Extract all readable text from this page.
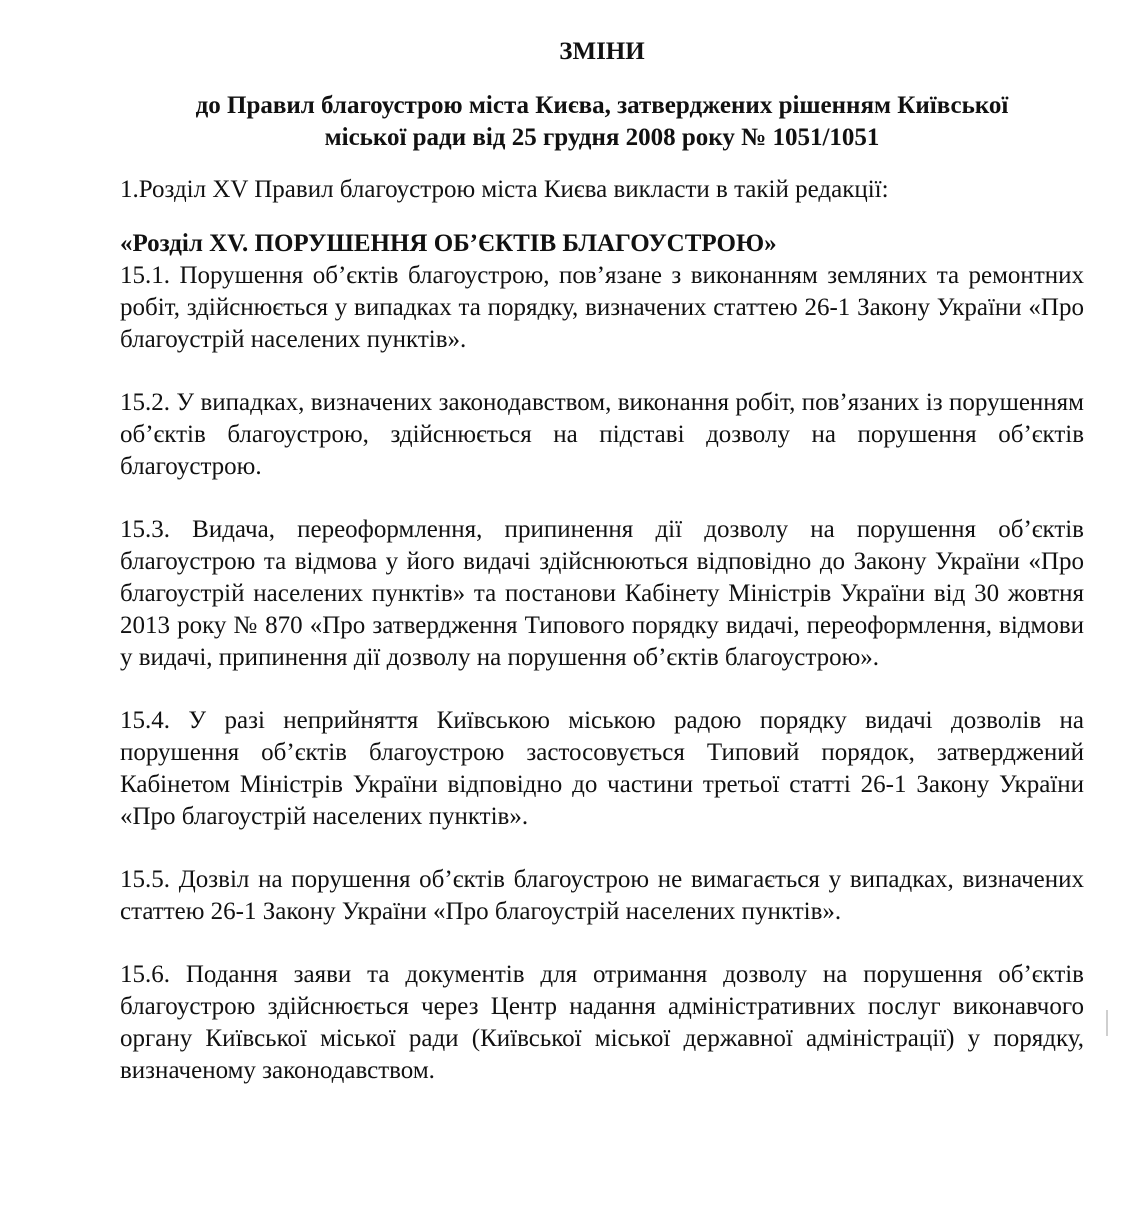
ЗМІНИ
до Правил благоустрою міста Києва, затверджених рішенням Київської
міської ради від 25 грудня 2008 року № 1051/1051
1.Розділ XV Правил благоустрою міста Києва викласти в такій редакції:
«Розділ XV. ПОРУШЕННЯ ОБ’ЄКТІВ БЛАГОУСТРОЮ»
15.1. Порушення об’єктів благоустрою, пов’язане з виконанням земляних та ремонтних робіт, здійснюється у випадках та порядку, визначених статтею 26-1 Закону України «Про благоустрій населених пунктів».
15.2. У випадках, визначених законодавством, виконання робіт, пов’язаних із порушенням об’єктів благоустрою, здійснюється на підставі дозволу на порушення об’єктів благоустрою.
15.3. Видача, переоформлення, припинення дії дозволу на порушення об’єктів благоустрою та відмова у його видачі здійснюються відповідно до Закону України «Про благоустрій населених пунктів» та постанови Кабінету Міністрів України від 30 жовтня 2013 року № 870 «Про затвердження Типового порядку видачі, переоформлення, відмови у видачі, припинення дії дозволу на порушення об’єктів благоустрою».
15.4. У разі неприйняття Київською міською радою порядку видачі дозволів на порушення об’єктів благоустрою застосовується Типовий порядок, затверджений Кабінетом Міністрів України відповідно до частини третьої статті 26-1 Закону України «Про благоустрій населених пунктів».
15.5. Дозвіл на порушення об’єктів благоустрою не вимагається у випадках, визначених статтею 26-1 Закону України «Про благоустрій населених пунктів».
15.6. Подання заяви та документів для отримання дозволу на порушення об’єктів благоустрою здійснюється через Центр надання адміністративних послуг виконавчого органу Київської міської ради (Київської міської державної адміністрації) у порядку, визначеному законодавством.
